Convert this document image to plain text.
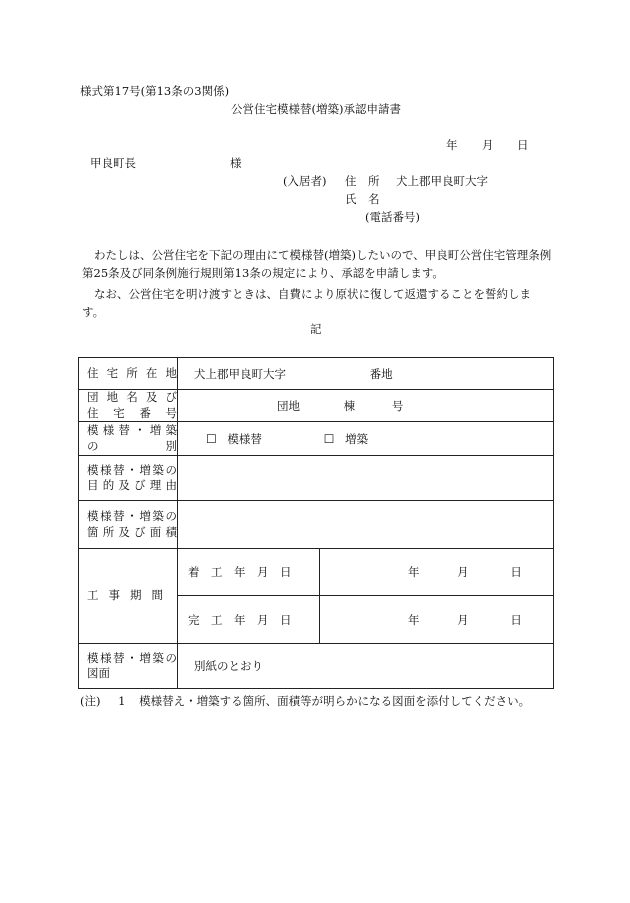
様式第17号(第13条の3関係)
公営住宅模様替(増築)承認申請書
年 月 日
甲良町長	様
(入居者) 住　所 犬上郡甲良町大字
氏　名
(電話番号)
わたしは、公営住宅を下記の理由にて模様替(増築)したいので、甲良町公営住宅管理条例第25条及び同条例施行規則第13条の規定により、承認を申請します。
なお、公営住宅を明け渡すときは、自費により原状に復して返還することを誓約します。
記
住宅所在地	犬上郡甲良町大字 番地	

団地名及び
住宅番号	団地 棟 号	

模様替・増築
の 別	☐ 模様替 ☐ 増築	

模様替・増築の
目的及び理由		

模様替・増築の
箇所及び面積		

工事期間	着　工　年　月　日	年 月 日
	完　工　年　月　日	年 月 日

模様替・増築の
図面	別紙のとおり	
(注) 1 模様替え・増築する箇所、面積等が明らかになる図面を添付してください。
